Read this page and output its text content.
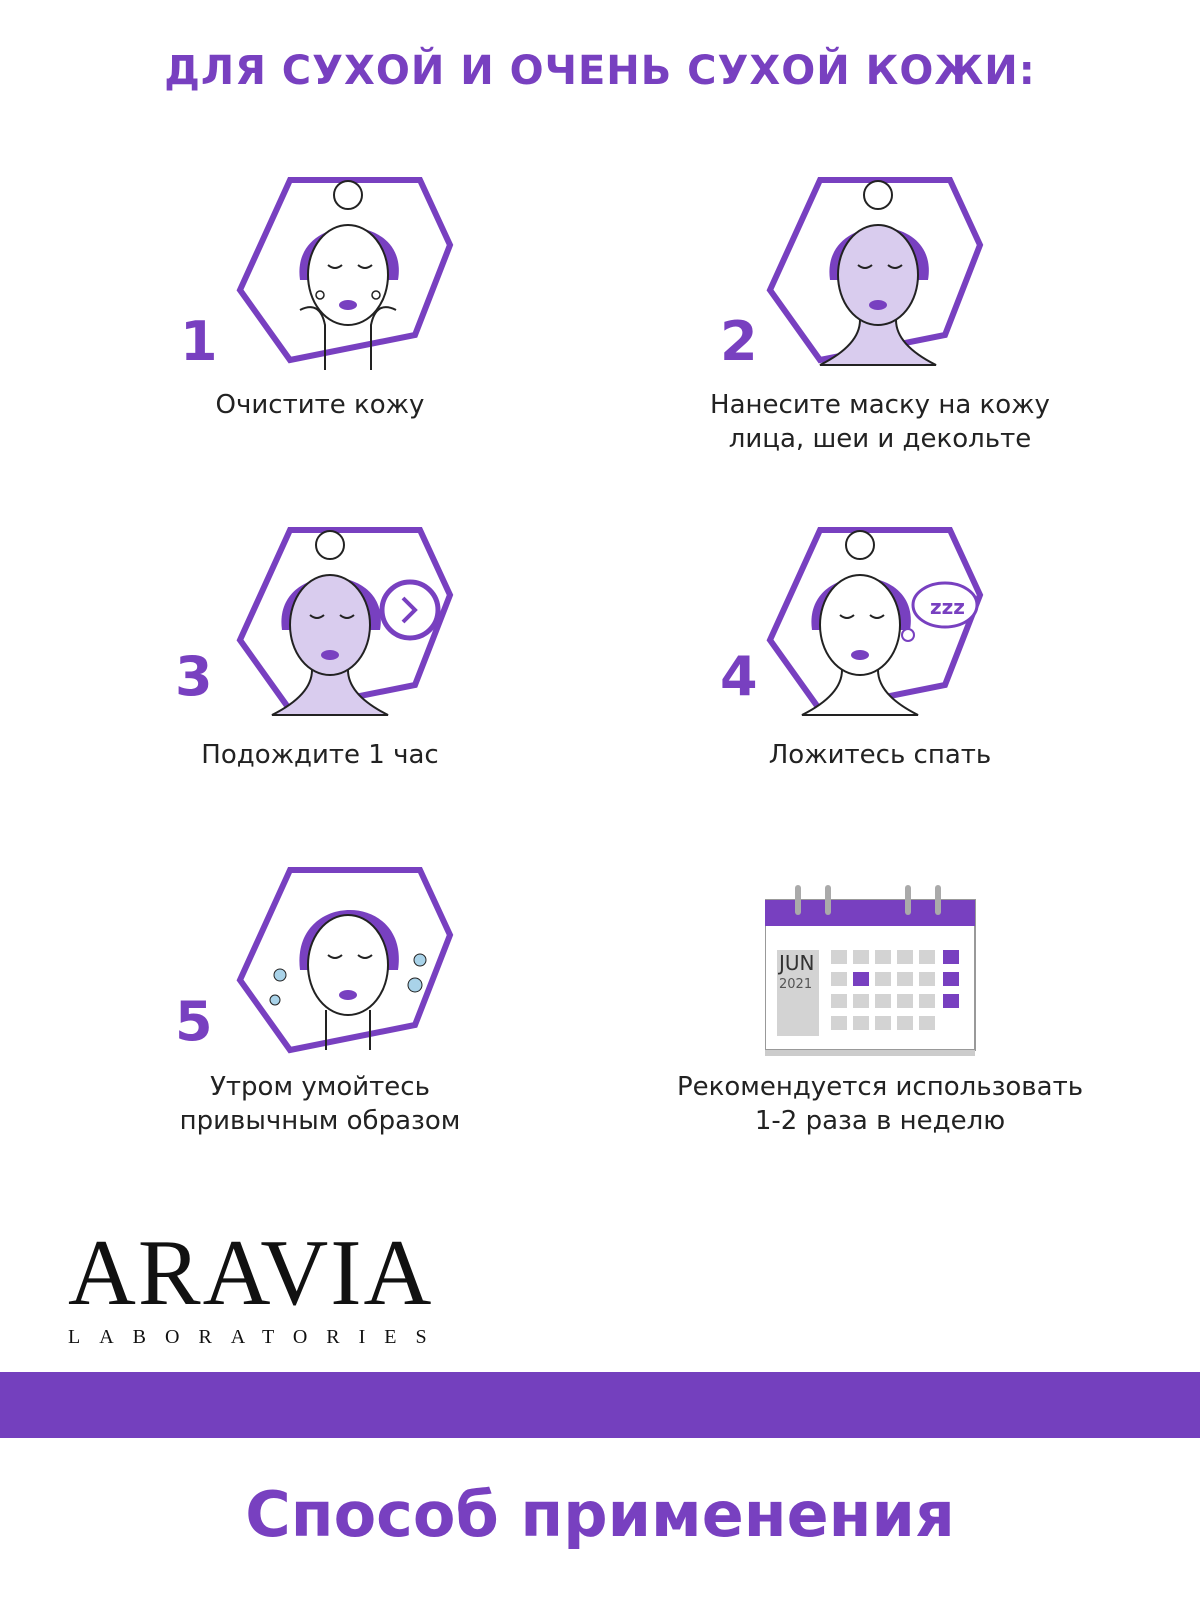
ДЛЯ СУХОЙ И ОЧЕНЬ СУХОЙ КОЖИ:
1
Очистите кожу
2
Нанесите маску на кожу
лица, шеи и декольте
3
Подождите 1 час
zzz
4
Ложитесь спать
5
Утром умойтесь
привычным образом
JUN
2021
Рекомендуется использовать
1-2 раза в неделю
ARAVIA
LABORATORIES
Способ применения
